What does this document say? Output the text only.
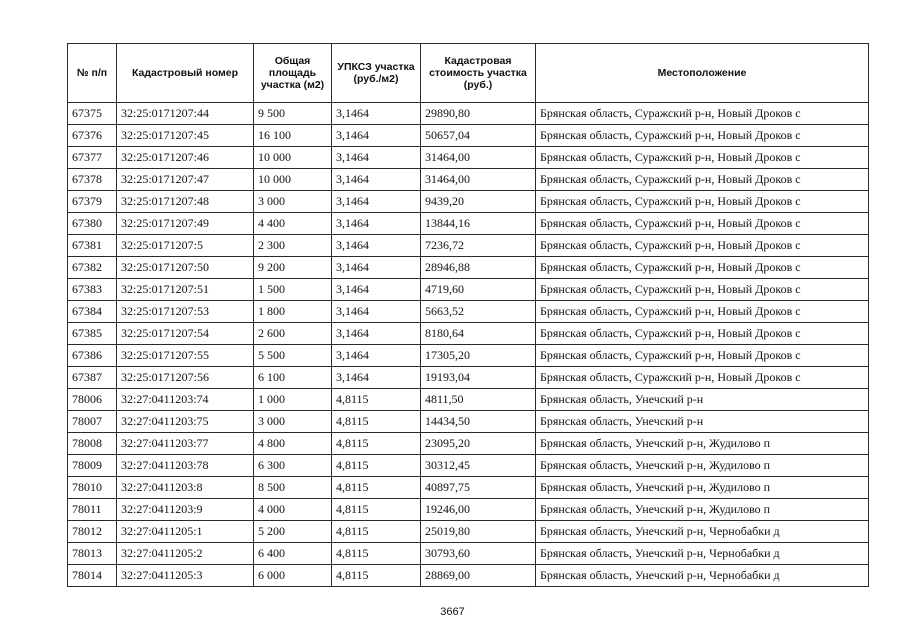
№ п/п	Кадастровый номер	Общая площадь участка (м2)	УПКСЗ участка (руб./м2)	Кадастровая стоимость участка (руб.)	Местоположение
67375	32:25:0171207:44	9 500	3,1464	29890,80	Брянская область, Суражский р-н, Новый Дроков с
67376	32:25:0171207:45	16 100	3,1464	50657,04	Брянская область, Суражский р-н, Новый Дроков с
67377	32:25:0171207:46	10 000	3,1464	31464,00	Брянская область, Суражский р-н, Новый Дроков с
67378	32:25:0171207:47	10 000	3,1464	31464,00	Брянская область, Суражский р-н, Новый Дроков с
67379	32:25:0171207:48	3 000	3,1464	9439,20	Брянская область, Суражский р-н, Новый Дроков с
67380	32:25:0171207:49	4 400	3,1464	13844,16	Брянская область, Суражский р-н, Новый Дроков с
67381	32:25:0171207:5	2 300	3,1464	7236,72	Брянская область, Суражский р-н, Новый Дроков с
67382	32:25:0171207:50	9 200	3,1464	28946,88	Брянская область, Суражский р-н, Новый Дроков с
67383	32:25:0171207:51	1 500	3,1464	4719,60	Брянская область, Суражский р-н, Новый Дроков с
67384	32:25:0171207:53	1 800	3,1464	5663,52	Брянская область, Суражский р-н, Новый Дроков с
67385	32:25:0171207:54	2 600	3,1464	8180,64	Брянская область, Суражский р-н, Новый Дроков с
67386	32:25:0171207:55	5 500	3,1464	17305,20	Брянская область, Суражский р-н, Новый Дроков с
67387	32:25:0171207:56	6 100	3,1464	19193,04	Брянская область, Суражский р-н, Новый Дроков с
78006	32:27:0411203:74	1 000	4,8115	4811,50	Брянская область, Унечский р-н
78007	32:27:0411203:75	3 000	4,8115	14434,50	Брянская область, Унечский р-н
78008	32:27:0411203:77	4 800	4,8115	23095,20	Брянская область, Унечский р-н, Жудилово п
78009	32:27:0411203:78	6 300	4,8115	30312,45	Брянская область, Унечский р-н, Жудилово п
78010	32:27:0411203:8	8 500	4,8115	40897,75	Брянская область, Унечский р-н, Жудилово п
78011	32:27:0411203:9	4 000	4,8115	19246,00	Брянская область, Унечский р-н, Жудилово п
78012	32:27:0411205:1	5 200	4,8115	25019,80	Брянская область, Унечский р-н, Чернобабки д
78013	32:27:0411205:2	6 400	4,8115	30793,60	Брянская область, Унечский р-н, Чернобабки д
78014	32:27:0411205:3	6 000	4,8115	28869,00	Брянская область, Унечский р-н, Чернобабки д
3667
